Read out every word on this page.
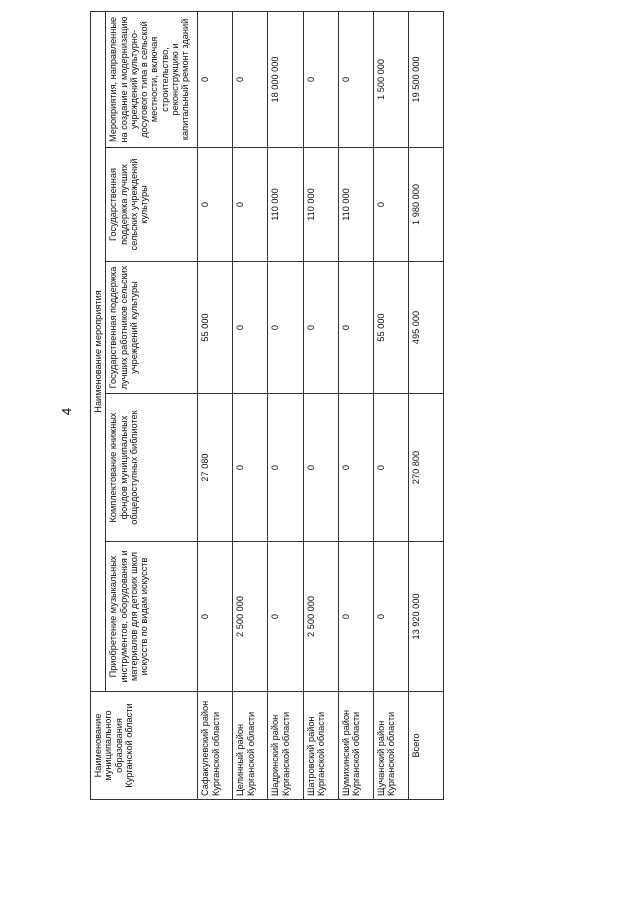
4
Наименование муниципального образования Курганской области	Наименование мероприятия				
	Приобретение музыкальных инструментов, оборудования и материалов для детских школ искусств по видам искусств	Комплектование книжных фондов муниципальных общедоступных библиотек	Государственная поддержка лучших работников сельских учреждений культуры	Государственная поддержка лучших сельских учреждений культуры	Мероприятия, направленные на создание и модернизацию учреждений культурно-досугового типа в сельской местности, включая строительство, реконструкцию и капитальный ремонт зданий
Сафакулевский район Курганской области	0	27 080	55 000	0	0
Целинный район Курганской области	2 500 000	0	0	0	0
Шадринский район Курганской области	0	0	0	110 000	18 000 000
Шатровский район Курганской области	2 500 000	0	0	110 000	0
Шумихинский район Курганской области	0	0	0	110 000	0
Щучанский район Курганской области	0	0	55 000	0	1 500 000
Всего	13 920 000	270 800	495 000	1 980 000	19 500 000
